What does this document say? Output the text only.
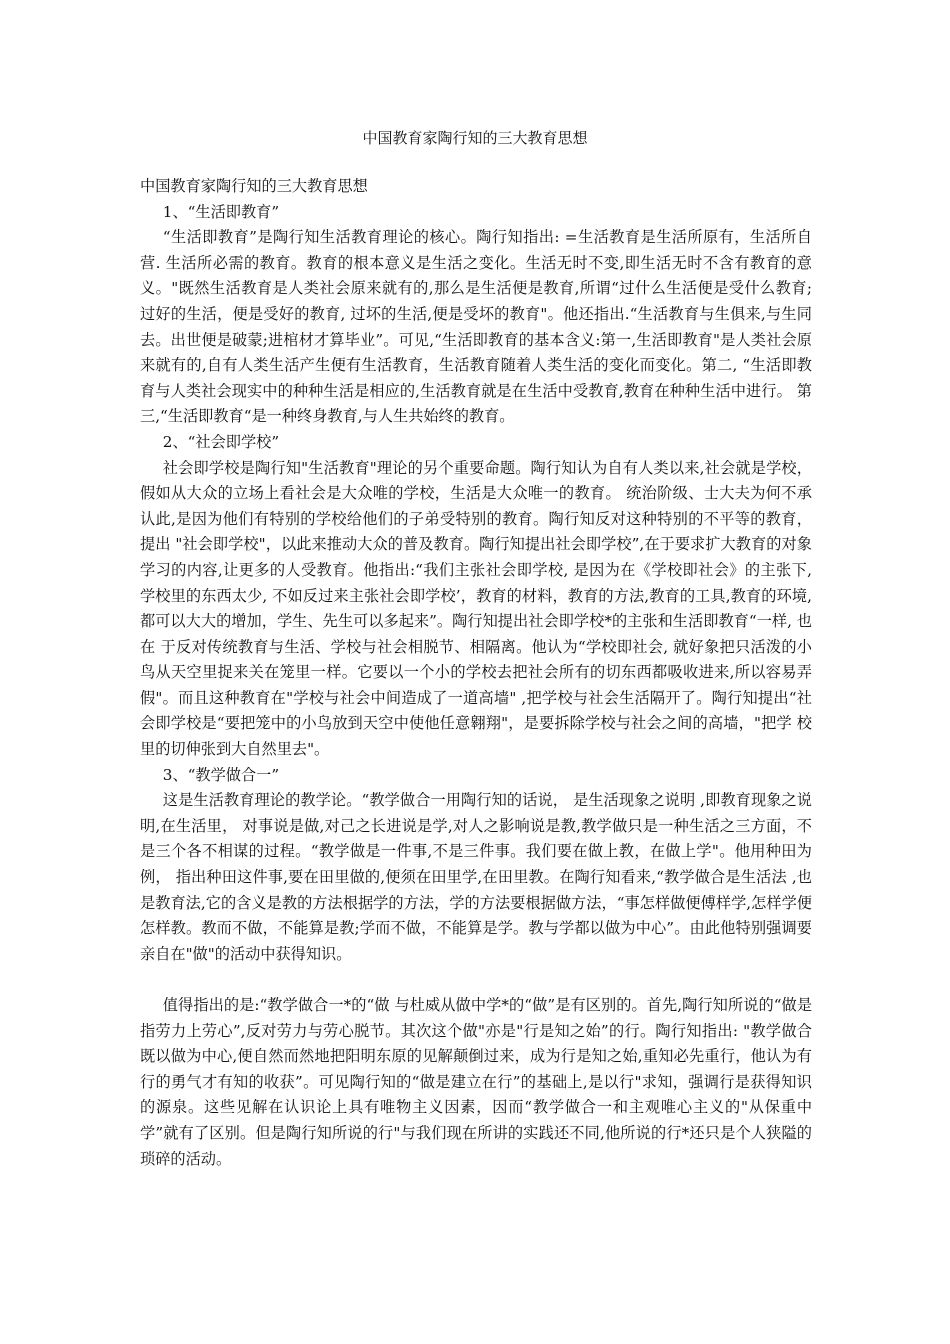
中国教育家陶行知的三大教育思想

中国教育家陶行知的三大教育思想

1、“生活即教育”

“生活即教育”是陶行知生活教育理论的核心。陶行知指出: =生活教育是生活所原有，生活所自营. 生活所必需的教育。教育的根本意义是生活之变化。生活无时不变,即生活无时不含有教育的意义。"既然生活教育是人类社会原来就有的,那么是生活便是教育,所谓“过什么生活便是受什么教育; 过好的生活，便是受好的教育, 过坏的生活,便是受坏的教育"。他还指出.“生活教育与生俱来,与生同去。出世便是破蒙;进棺材才算毕业”。可见,“生活即教育的基本含义:第一,生活即教育"是人类社会原来就有的,自有人类生活产生便有生活教育，生活教育随着人类生活的变化而变化。第二, “生活即教育与人类社会现实中的种种生活是相应的,生活教育就是在生活中受教育,教育在种种生活中进行。 第三,“生活即教育“是一种终身教育,与人生共始终的教育。

2、“社会即学校”

社会即学校是陶行知"生活教育"理论的另个重要命题。陶行知认为自有人类以来,社会就是学校，假如从大众的立场上看社会是大众唯的学校，生活是大众唯一的教育。 统治阶级、士大夫为何不承认此,是因为他们有特别的学校给他们的子弟受特别的教育。陶行知反对这种特别的不平等的教育，提出 "社会即学校"，以此来推动大众的普及教育。陶行知提出社会即学校”,在于要求扩大教育的对象学习的内容,让更多的人受教育。他指出:“我们主张社会即学校, 是因为在《学校即社会》的主张下, 学校里的东西太少, 不如反过来主张社会即学校’，教育的材料，教育的方法,教育的工具,教育的环境,都可以大大的增加，学生、先生可以多起来”。陶行知提出社会即学校*的主张和生活即教育“一样, 也在 于反对传统教育与生活、学校与社会相脱节、相隔离。他认为“学校即社会, 就好象把只活泼的小鸟从天空里捉来关在笼里一样。它要以一个小的学校去把社会所有的切东西都吸收进来,所以容易弄假"。而且这种教育在"学校与社会中间造成了一道高墙" ,把学校与社会生活隔开了。陶行知提出“社会即学校是“要把笼中的小鸟放到天空中使他任意翱翔"，是要拆除学校与社会之间的高墙，"把学 校里的切伸张到大自然里去"。

3、“教学做合一”

这是生活教育理论的教学论。“教学做合一用陶行知的话说， 是生活现象之说明 ,即教育现象之说明,在生活里， 对事说是做,对己之长进说是学,对人之影响说是教,教学做只是一种生活之三方面，不是三个各不相谋的过程。“教学做是一件事,不是三件事。我们要在做上教，在做上学"。他用种田为例， 指出种田这件事,要在田里做的,便须在田里学,在田里教。在陶行知看来,“教学做合是生活法 ,也是教育法,它的含义是教的方法根据学的方法，学的方法要根据做方法，“事怎样做便傅样学,怎样学便怎样教。教而不做，不能算是教;学而不做，不能算是学。教与学都以做为中心”。由此他特别强调要亲自在"做"的活动中获得知识。

值得指出的是:“教学做合一*的“做 与杜威从做中学*的“做”是有区别的。首先,陶行知所说的“做是指劳力上劳心”,反对劳力与劳心脱节。其次这个做"亦是"行是知之始”的行。陶行知指出: "教学做合既以做为中心,便自然而然地把阳明东原的见解颠倒过来，成为行是知之始,重知必先重行，他认为有行的勇气才有知的收获”。可见陶行知的“做是建立在行”的基础上,是以行"求知，强调行是获得知识的源泉。这些见解在认识论上具有唯物主义因素，因而“教学做合一和主观唯心主义的"从保重中学”就有了区别。但是陶行知所说的行"与我们现在所讲的实践还不同,他所说的行*还只是个人狭隘的琐碎的活动。
